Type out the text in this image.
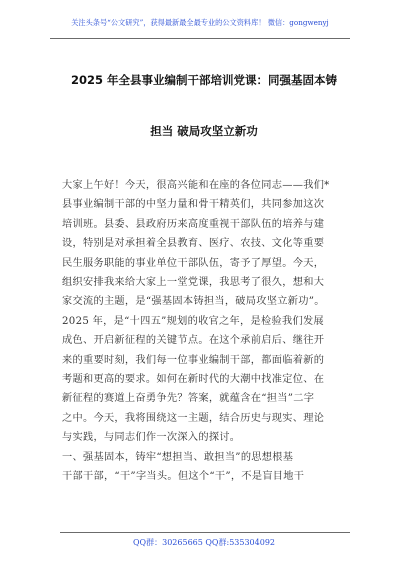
关注头条号“公文研究”，获得最新最全最专业的公文资料库！ 微信：gongwenyj
2025 年全县事业编制干部培训党课：同强基固本铸
担当 破局攻坚立新功
大家上午好！今天，很高兴能和在座的各位同志——我们*
县事业编制干部的中坚力量和骨干精英们，共同参加这次
培训班。县委、县政府历来高度重视干部队伍的培养与建
设，特别是对承担着全县教育、医疗、农技、文化等重要
民生服务职能的事业单位干部队伍，寄予了厚望。今天，
组织安排我来给大家上一堂党课，我思考了很久，想和大
家交流的主题，是“强基固本铸担当，破局攻坚立新功”。
2025 年，是“十四五”规划的收官之年，是检验我们发展
成色、开启新征程的关键节点。在这个承前启后、继往开
来的重要时刻，我们每一位事业编制干部，都面临着新的
考题和更高的要求。如何在新时代的大潮中找准定位、在
新征程的赛道上奋勇争先？答案，就蕴含在“担当”二字
之中。今天，我将围绕这一主题，结合历史与现实、理论
与实践，与同志们作一次深入的探讨。
一、强基固本，铸牢“想担当、敢担当”的思想根基
干部干部，“干”字当头。但这个“干”，不是盲目地干
QQ群：30265665 QQ群:535304092
